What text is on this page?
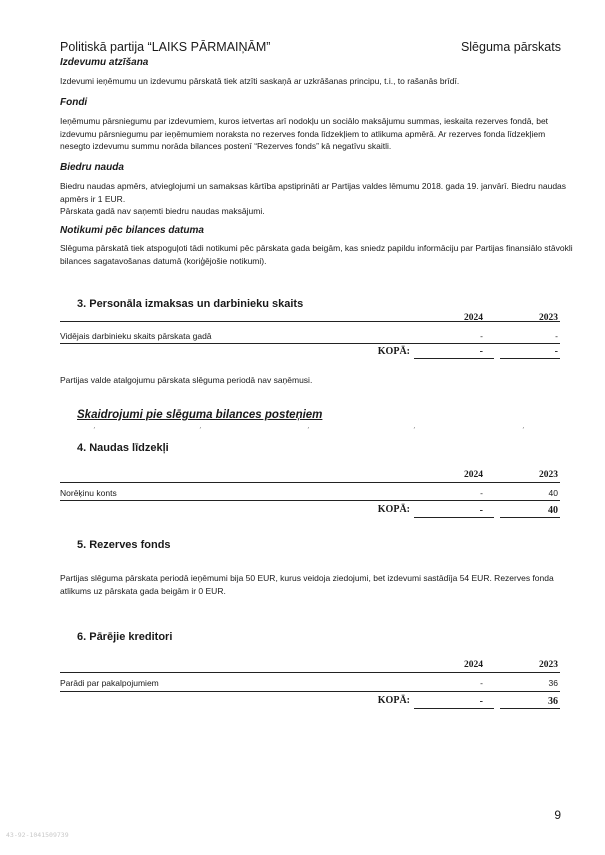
Politiskā partija “LAIKS PĀRMAIŅĀM”	Slēguma pārskats
Izdevumu atzīšana
Izdevumi ieņēmumu un izdevumu pārskatā tiek atzīti saskaņā ar uzkrāšanas principu, t.i., to rašanās brīdī.
Fondi
Ieņēmumu pārsniegumu par izdevumiem, kuros ietvertas arī nodokļu un sociālo maksājumu summas, ieskaita rezerves fondā, bet
izdevumu pārsniegumu par ieņēmumiem noraksta no rezerves fonda līdzekļiem to atlikuma apmērā. Ar rezerves fonda līdzekļiem
nesegto izdevumu summu norāda bilances postenī “Rezerves fonds” kā negatīvu skaitli.
Biedru nauda
Biedru naudas apmērs, atvieglojumi un samaksas kārtība apstiprināti ar Partijas valdes lēmumu 2018. gada 19. janvārī. Biedru naudas
apmērs ir 1 EUR.
Pārskata gadā nav saņemti biedru naudas maksājumi.
Notikumi pēc bilances datuma
Slēguma pārskatā tiek atspoguļoti tādi notikumi pēc pārskata gada beigām, kas sniedz papildu informāciju par Partijas finansiālo stāvokli
bilances sagatavošanas datumā (koriģējošie notikumi).
3. Personāla izmaksas un darbinieku skaits
2024	2023
Vidējais darbinieku skaits pārskata gadā	-	-
KOPĀ:	-	-
Partijas valde atalgojumu pārskata slēguma periodā nav saņēmusi.
Skaidrojumi pie slēguma bilances posteņiem
ˏ	ˏ	ˏ	ˏ	ˏ
4. Naudas līdzekļi
2024	2023
Norēķinu konts	-	40
KOPĀ:	-	40
5. Rezerves fonds
Partijas slēguma pārskata periodā ieņēmumi bija 50 EUR, kurus veidoja ziedojumi, bet izdevumi sastādīja 54 EUR. Rezerves fonda
atlikums uz pārskata gada beigām ir 0 EUR.
6. Pārējie kreditori
2024	2023
Parādi par pakalpojumiem	-	36
KOPĀ:	-	36
9
43-92-1041509739
